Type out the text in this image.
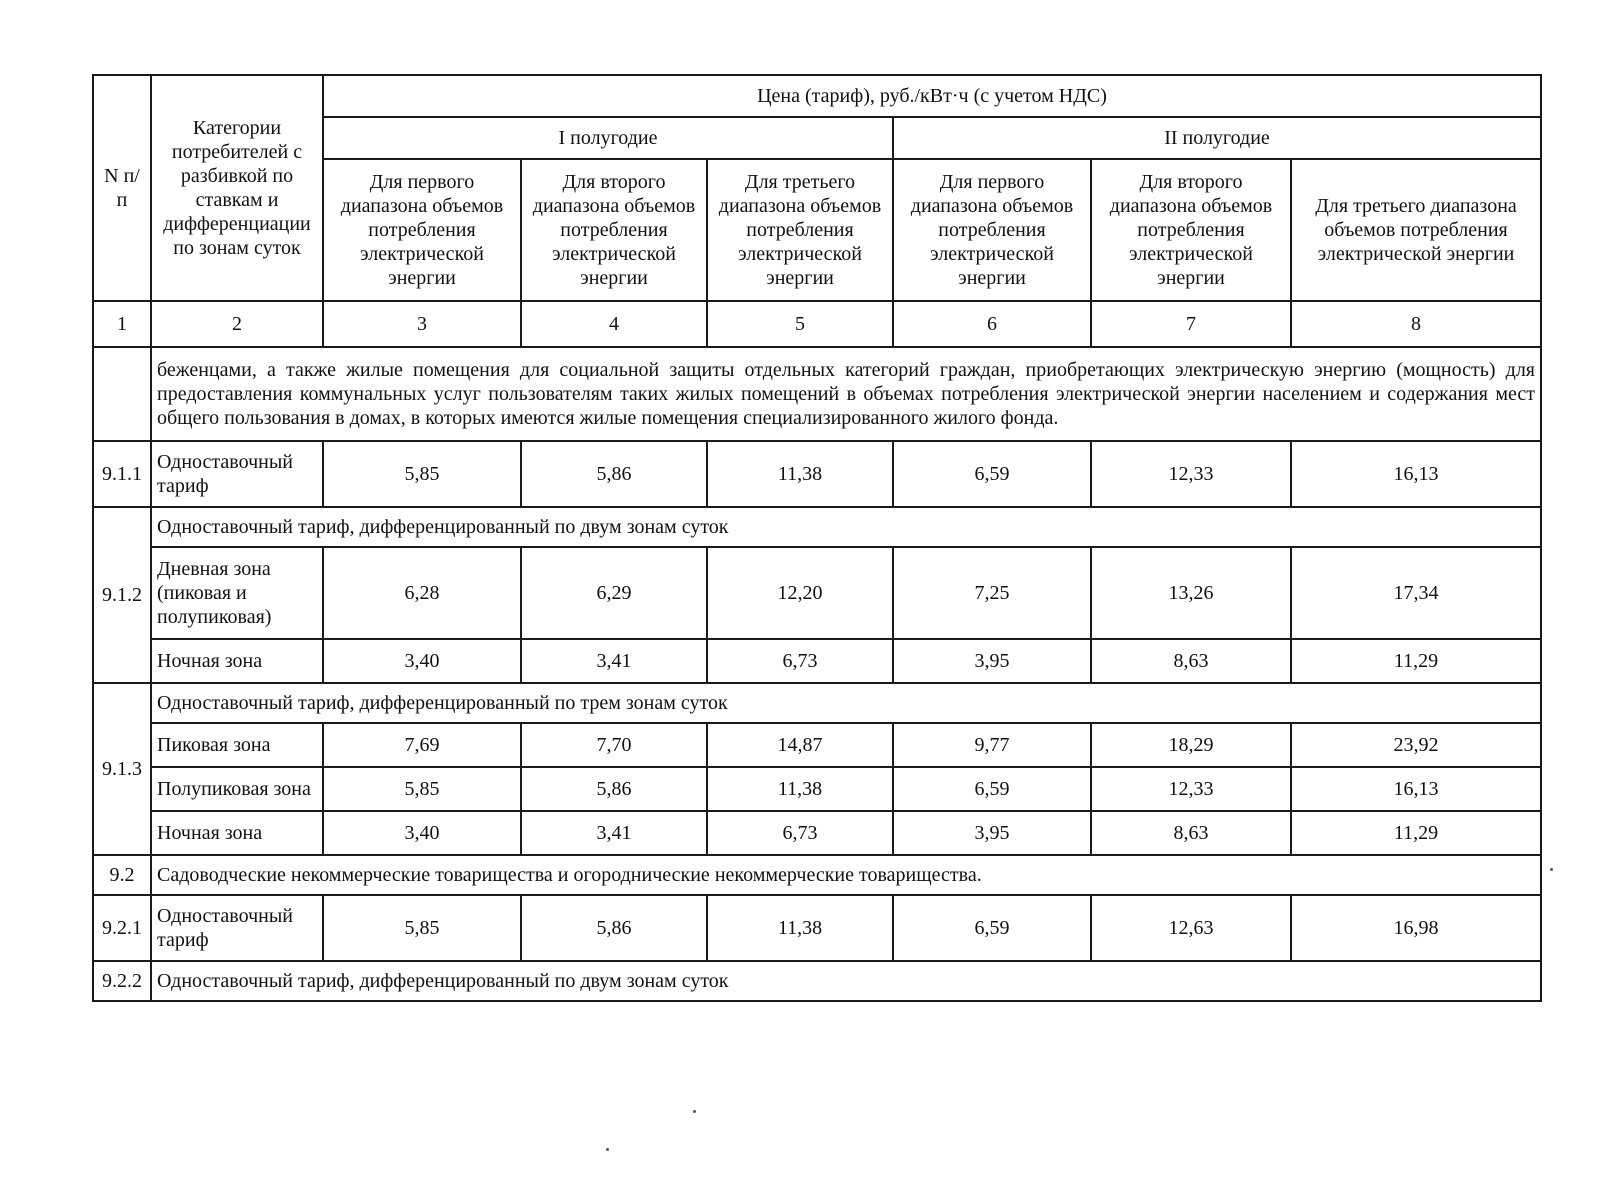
N п/п	Категории потребителей с разбивкой по ставкам и дифференциации по зонам суток	Цена (тариф), руб./кВт·ч (с учетом НДС)					
		I полугодие			II полугодие		
		Для первого диапазона объемов потребления электрической энергии	Для второго диапазона объемов потребления электрической энергии	Для третьего диапазона объемов потребления электрической энергии	Для первого диапазона объемов потребления электрической энергии	Для второго диапазона объемов потребления электрической энергии	Для третьего диапазона объемов потребления электрической энергии
1	2	3	4	5	6	7	8
	беженцами, а также жилые помещения для социальной защиты отдельных категорий граждан, приобретающих электрическую энергию (мощность) для предоставления коммунальных услуг пользователям таких жилых помещений в объемах потребления электрической энергии населением и содержания мест общего пользования в домах, в которых имеются жилые помещения специализированного жилого фонда.						
9.1.1	Одноставочный тариф	5,85	5,86	11,38	6,59	12,33	16,13
9.1.2	Одноставочный тариф, дифференцированный по двум зонам суток						

	Дневная зона
(пиковая и
полупиковая)	6,28	6,29	12,20	7,25	13,26	17,34
	Ночная зона	3,40	3,41	6,73	3,95	8,63	11,29
9.1.3	Одноставочный тариф, дифференцированный по трем зонам суток						
	Пиковая зона	7,69	7,70	14,87	9,77	18,29	23,92
	Полупиковая зона	5,85	5,86	11,38	6,59	12,33	16,13
	Ночная зона	3,40	3,41	6,73	3,95	8,63	11,29
9.2	Садоводческие некоммерческие товарищества и огороднические некоммерческие товарищества.						
9.2.1	Одноставочный тариф	5,85	5,86	11,38	6,59	12,63	16,98
9.2.2	Одноставочный тариф, дифференцированный по двум зонам суток						
